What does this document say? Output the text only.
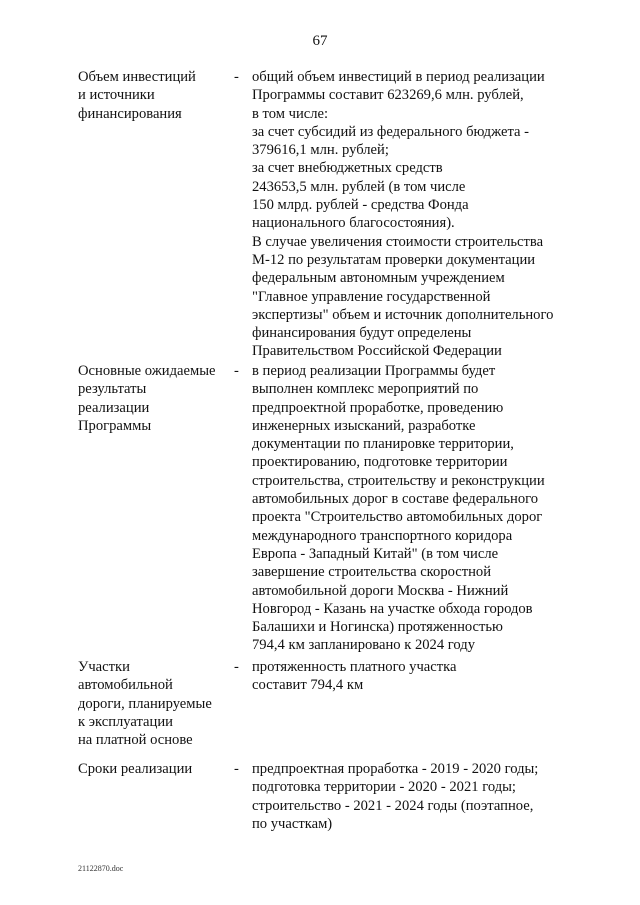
67
Объем инвестиций
и источники
финансирования
- общий объем инвестиций в период реализации
Программы составит 623269,6 млн. рублей,
в том числе:
за счет субсидий из федерального бюджета -
379616,1 млн. рублей;
за счет внебюджетных средств
243653,5 млн. рублей (в том числе
150 млрд. рублей - средства Фонда
национального благосостояния).
В случае увеличения стоимости строительства
М-12 по результатам проверки документации
федеральным автономным учреждением
"Главное управление государственной
экспертизы" объем и источник дополнительного
финансирования будут определены
Правительством Российской Федерации
Основные ожидаемые
результаты
реализации
Программы
- в период реализации Программы будет
выполнен комплекс мероприятий по
предпроектной проработке, проведению
инженерных изысканий, разработке
документации по планировке территории,
проектированию, подготовке территории
строительства, строительству и реконструкции
автомобильных дорог в составе федерального
проекта "Строительство автомобильных дорог
международного транспортного коридора
Европа - Западный Китай" (в том числе
завершение строительства скоростной
автомобильной дороги Москва - Нижний
Новгород - Казань на участке обхода городов
Балашихи и Ногинска) протяженностью
794,4 км запланировано к 2024 году
Участки
автомобильной
дороги, планируемые
к эксплуатации
на платной основе
- протяженность платного участка
составит 794,4 км
Сроки реализации	- предпроектная проработка - 2019 - 2020 годы;
подготовка территории - 2020 - 2021 годы;
строительство - 2021 - 2024 годы (поэтапное,
по участкам)
21122870.doc
